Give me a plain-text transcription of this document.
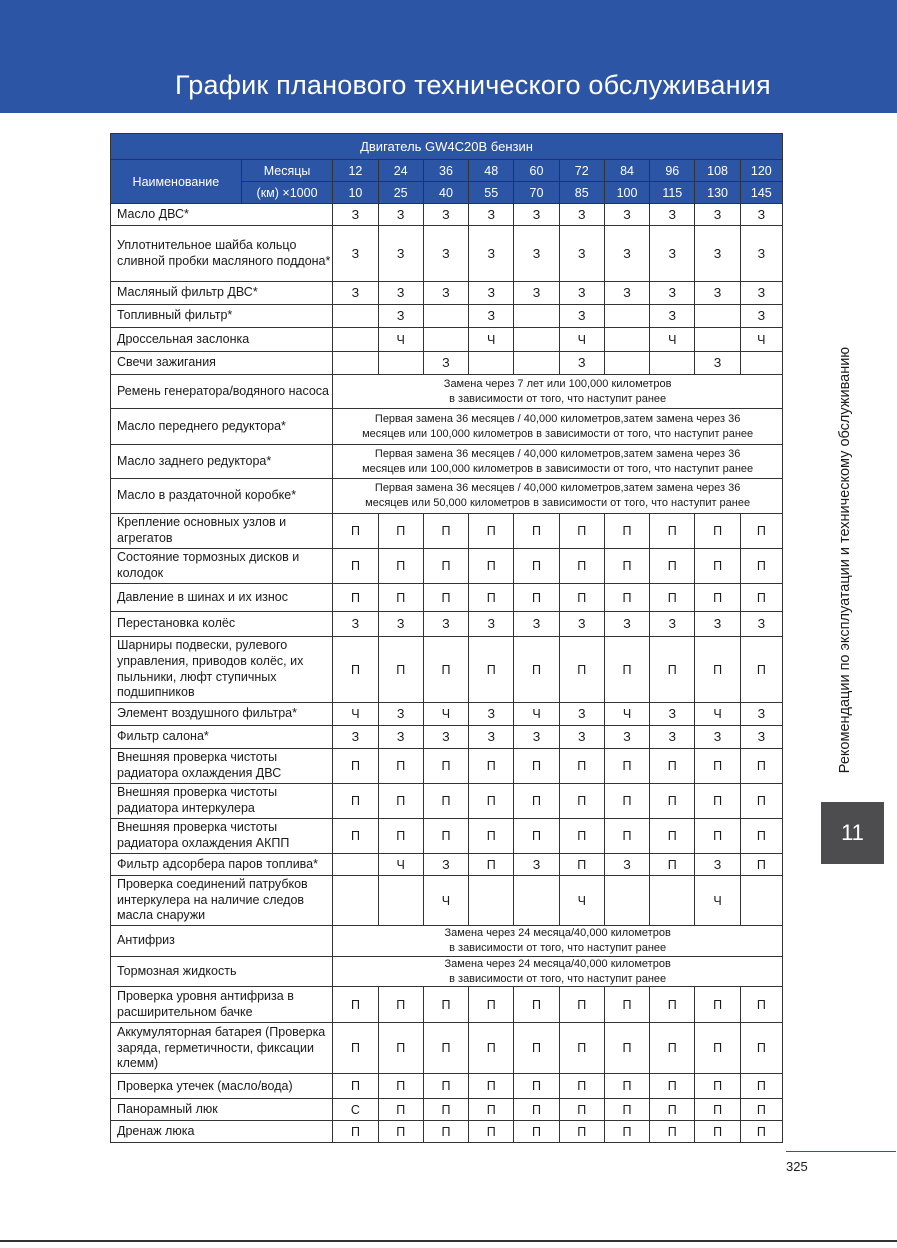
График планового технического обслуживания
Двигатель GW4C20B бензин											
Наименование	Месяцы	12	24	36	48	60	72	84	96	108	120
	(км) ×1000	10	25	40	55	70	85	100	115	130	145
Масло ДВС*		З	З	З	З	З	З	З	З	З	З
Уплотнительное шайба кольцо сливной пробки масляного поддона*		З	З	З	З	З	З	З	З	З	З
Масляный фильтр ДВС*		З	З	З	З	З	З	З	З	З	З
Топливный фильтр*			З		З		З		З		З
Дроссельная заслонка			Ч		Ч		Ч		Ч		Ч
Свечи зажигания				З			З			З	
Ремень генератора/водяного насоса		Замена через 7 лет или 100,000 километров
в зависимости от того, что наступит ранее									
Масло переднего редуктора*		Первая замена 36 месяцев / 40,000 километров,затем замена через 36
месяцев или 100,000 километров в зависимости от того, что наступит ранее									
Масло заднего редуктора*		Первая замена 36 месяцев / 40,000 километров,затем замена через 36
месяцев или 100,000 километров в зависимости от того, что наступит ранее									
Масло в раздаточной коробке*		Первая замена 36 месяцев / 40,000 километров,затем замена через 36
месяцев или 50,000 километров в зависимости от того, что наступит ранее									
Крепление основных узлов и агрегатов		П	П	П	П	П	П	П	П	П	П
Состояние тормозных дисков и колодок		П	П	П	П	П	П	П	П	П	П
Давление в шинах и их износ		П	П	П	П	П	П	П	П	П	П
Перестановка колёс		З	З	З	З	З	З	З	З	З	З
Шарниры подвески, рулевого управления, приводов колёс, их пыльники, люфт ступичных подшипников		П	П	П	П	П	П	П	П	П	П
Элемент воздушного фильтра*		Ч	З	Ч	З	Ч	З	Ч	З	Ч	З
Фильтр салона*		З	З	З	З	З	З	З	З	З	З
Внешняя проверка чистоты радиатора охлаждения ДВС		П	П	П	П	П	П	П	П	П	П
Внешняя проверка чистоты радиатора интеркулера		П	П	П	П	П	П	П	П	П	П
Внешняя проверка чистоты радиатора охлаждения АКПП		П	П	П	П	П	П	П	П	П	П
Фильтр адсорбера паров топлива*			Ч	З	П	З	П	З	П	З	П
Проверка соединений патрубков интеркулера на наличие следов масла снаружи				Ч			Ч			Ч	
Антифриз		Замена через 24 месяца/40,000 километров
в зависимости от того, что наступит ранее									
Тормозная жидкость		Замена через 24 месяца/40,000 километров
в зависимости от того, что наступит ранее									
Проверка уровня антифриза в расширительном бачке		П	П	П	П	П	П	П	П	П	П
Аккумуляторная батарея (Проверка заряда, герметичности, фиксации клемм)		П	П	П	П	П	П	П	П	П	П
Проверка утечек (масло/вода)		П	П	П	П	П	П	П	П	П	П
Панорамный люк		С	П	П	П	П	П	П	П	П	П
Дренаж люка		П	П	П	П	П	П	П	П	П	П
Рекомендации по эксплуатации и техническому обслуживанию
11
325
